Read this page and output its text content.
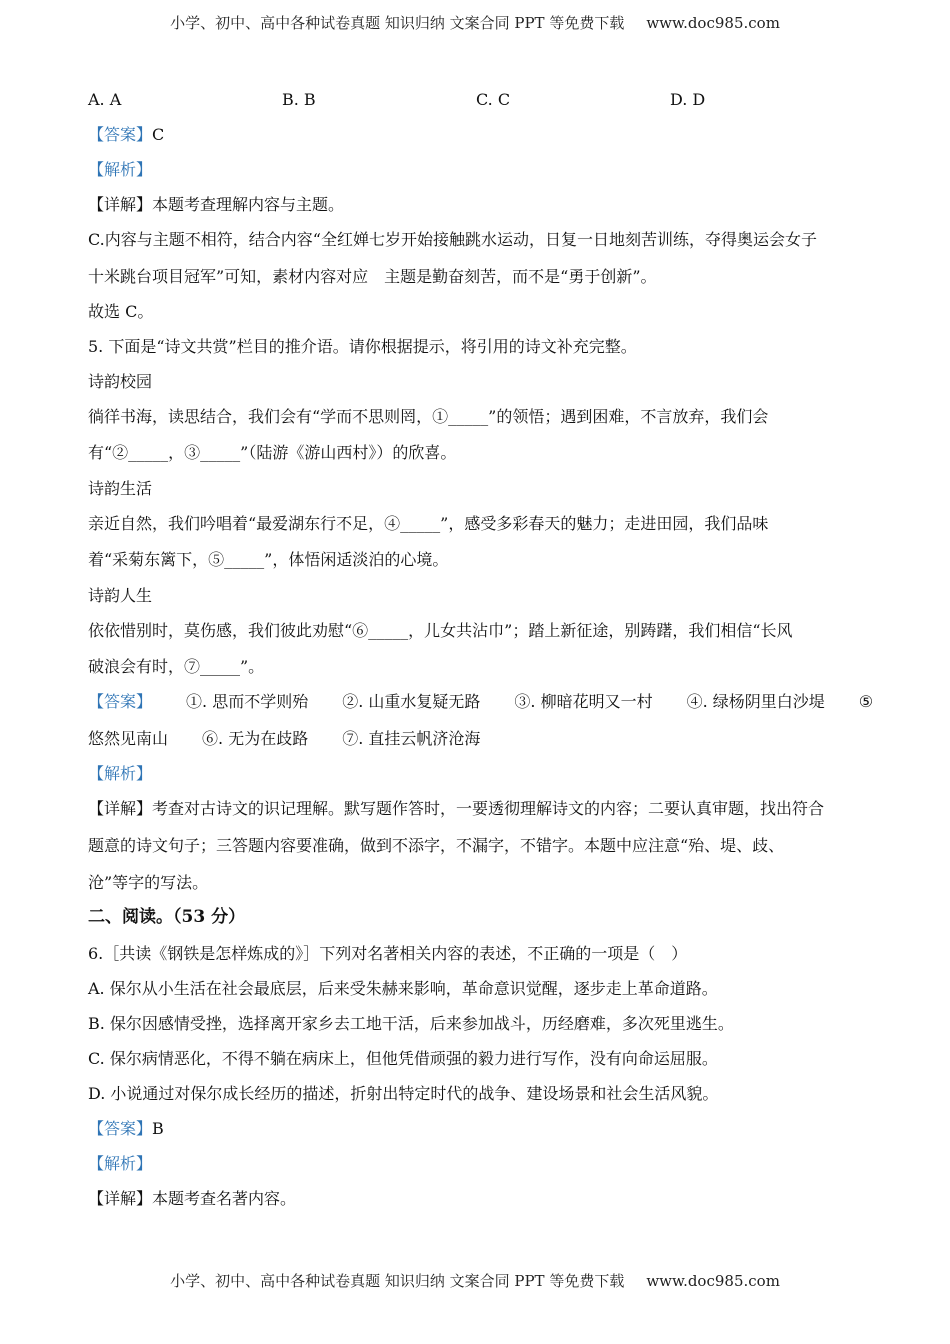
小学、初中、高中各种试卷真题 知识归纳 文案合同 PPT 等免费下载 www.doc985.com
A. A	B. B	C. C	D. D
【答案】C
【解析】
【详解】本题考查理解内容与主题。
C.内容与主题不相符，结合内容“全红婵七岁开始接触跳水运动，日复一日地刻苦训练，夺得奥运会女子
十米跳台项目冠军”可知，素材内容对应　主题是勤奋刻苦，而不是“勇于创新”。
故选 C。
5. 下面是“诗文共赏”栏目的推介语。请你根据提示，将引用的诗文补充完整。
诗韵校园
徜徉书海，读思结合，我们会有“学而不思则罔，①_____”的领悟；遇到困难，不言放弃，我们会
有“②_____，③_____”（陆游《游山西村》）的欣喜。
诗韵生活
亲近自然，我们吟唱着“最爱湖东行不足，④_____”，感受多彩春天的魅力；走进田园，我们品味
着“采菊东篱下，⑤_____”，体悟闲适淡泊的心境。
诗韵人生
依依惜别时，莫伤感，我们彼此劝慰“⑥_____，儿女共沾巾”；踏上新征途，别踌躇，我们相信“长风
破浪会有时，⑦_____”。
【答案】 ①. 思而不学则殆 ②. 山重水复疑无路 ③. 柳暗花明又一村 ④. 绿杨阴里白沙堤 ⑤
悠然见南山 ⑥. 无为在歧路 ⑦. 直挂云帆济沧海
【解析】
【详解】考查对古诗文的识记理解。默写题作答时，一要透彻理解诗文的内容；二要认真审题，找出符合
题意的诗文句子；三答题内容要准确，做到不添字，不漏字，不错字。本题中应注意“殆、堤、歧、
沧”等字的写法。
二、阅读。（53 分）
6.［共读《钢铁是怎样炼成的》］下列对名著相关内容的表述，不正确的一项是（　）
A. 保尔从小生活在社会最底层，后来受朱赫来影响，革命意识觉醒，逐步走上革命道路。
B. 保尔因感情受挫，选择离开家乡去工地干活，后来参加战斗，历经磨难，多次死里逃生。
C. 保尔病情恶化，不得不躺在病床上，但他凭借顽强的毅力进行写作，没有向命运屈服。
D. 小说通过对保尔成长经历的描述，折射出特定时代的战争、建设场景和社会生活风貌。
【答案】B
【解析】
【详解】本题考查名著内容。
小学、初中、高中各种试卷真题 知识归纳 文案合同 PPT 等免费下载 www.doc985.com
